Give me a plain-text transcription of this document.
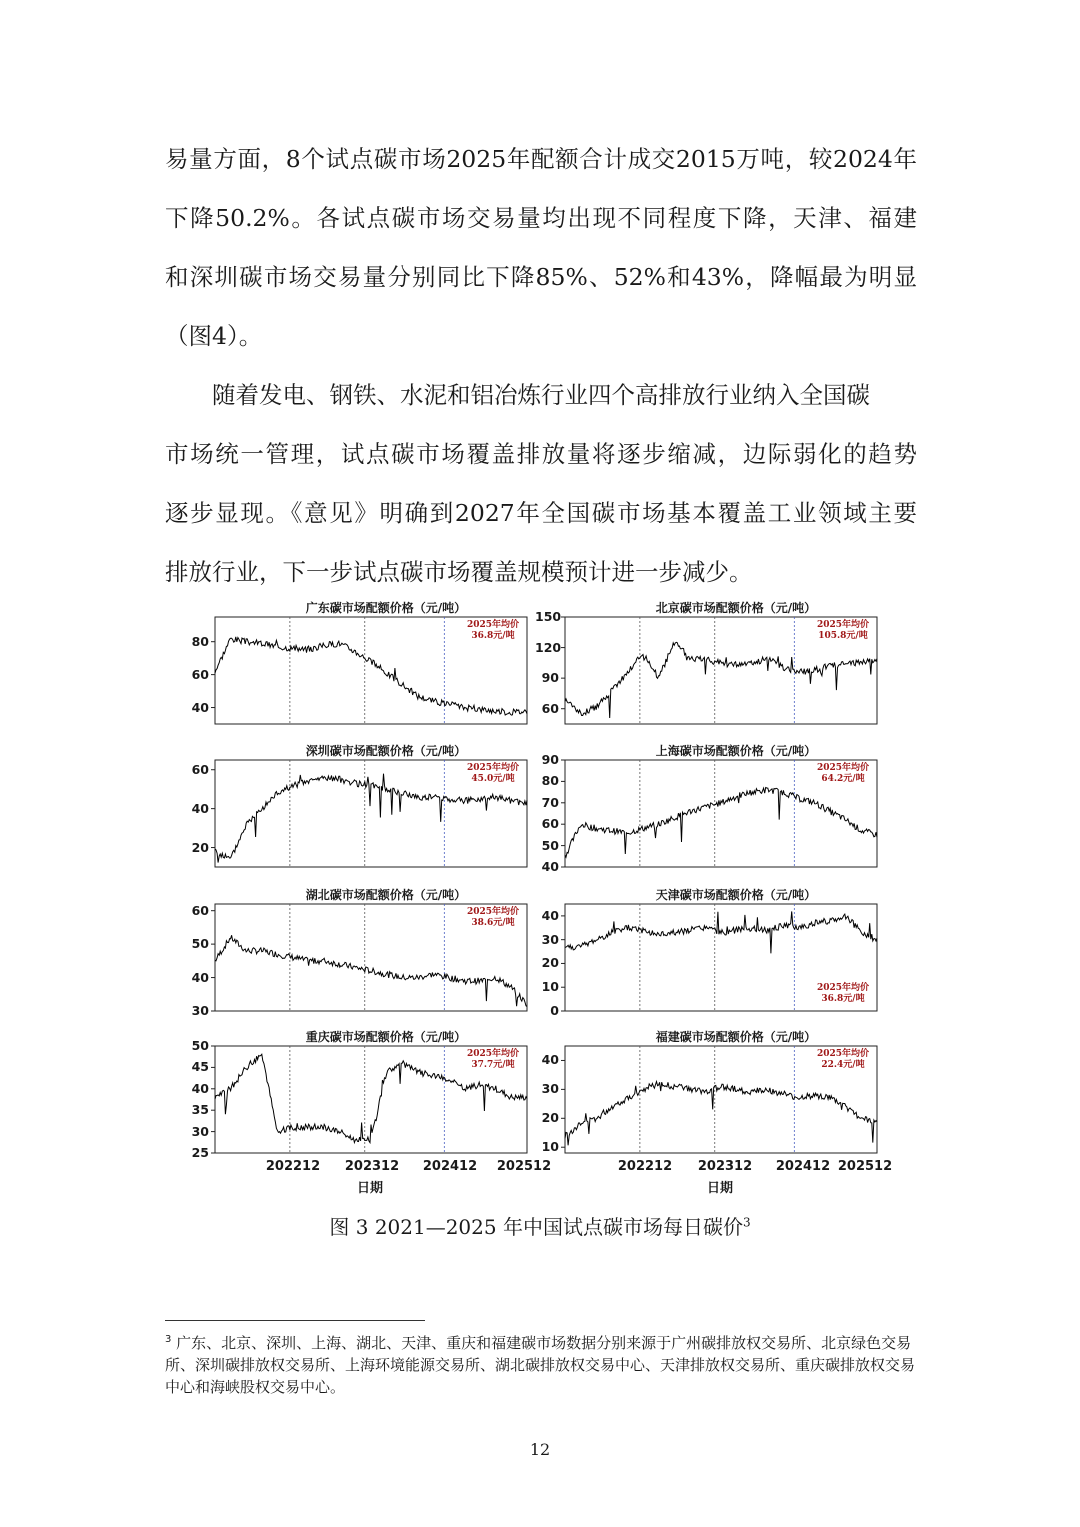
易量方面，8个试点碳市场2025年配额合计成交2015万吨，较2024年
下降50.2%。各试点碳市场交易量均出现不同程度下降，天津、福建
和深圳碳市场交易量分别同比下降85%、52%和43%，降幅最为明显
（图4）。
随着发电、钢铁、水泥和铝冶炼行业四个高排放行业纳入全国碳
市场统一管理，试点碳市场覆盖排放量将逐步缩减，边际弱化的趋势
逐步显现。《意见》明确到2027年全国碳市场基本覆盖工业领域主要
排放行业，下一步试点碳市场覆盖规模预计进一步减少。
广东碳市场配额价格（元/吨）
40
60
80
2025年均价
36.8元/吨
北京碳市场配额价格（元/吨）
60
90
120
150
2025年均价
105.8元/吨
深圳碳市场配额价格（元/吨）
20
40
60	2025年均价
45.0元/吨
上海碳市场配额价格（元/吨）
40
50
60
70
80
90
2025年均价
64.2元/吨
湖北碳市场配额价格（元/吨）
30
40
50
60	2025年均价
38.6元/吨
天津碳市场配额价格（元/吨）
0
10
20
30
40
2025年均价
36.8元/吨
重庆碳市场配额价格（元/吨）
25
30
35
40
45
50
2025年均价
37.7元/吨
福建碳市场配额价格（元/吨）
10
20
30
40	2025年均价
22.4元/吨
202212	202312	202412	202512
日期
202212	202312	202412 202512
日期
图 3 2021—2025 年中国试点碳市场每日碳价$^3$

$^3$ 广东、北京、深圳、上海、湖北、天津、重庆和福建碳市场数据分别来源于广州碳排放权交易所、北京绿色交易所、深圳碳排放权交易所、上海环境能源交易所、湖北碳排放权交易中心、天津排放权交易所、重庆碳排放权交易中心和海峡股权交易中心。

12
